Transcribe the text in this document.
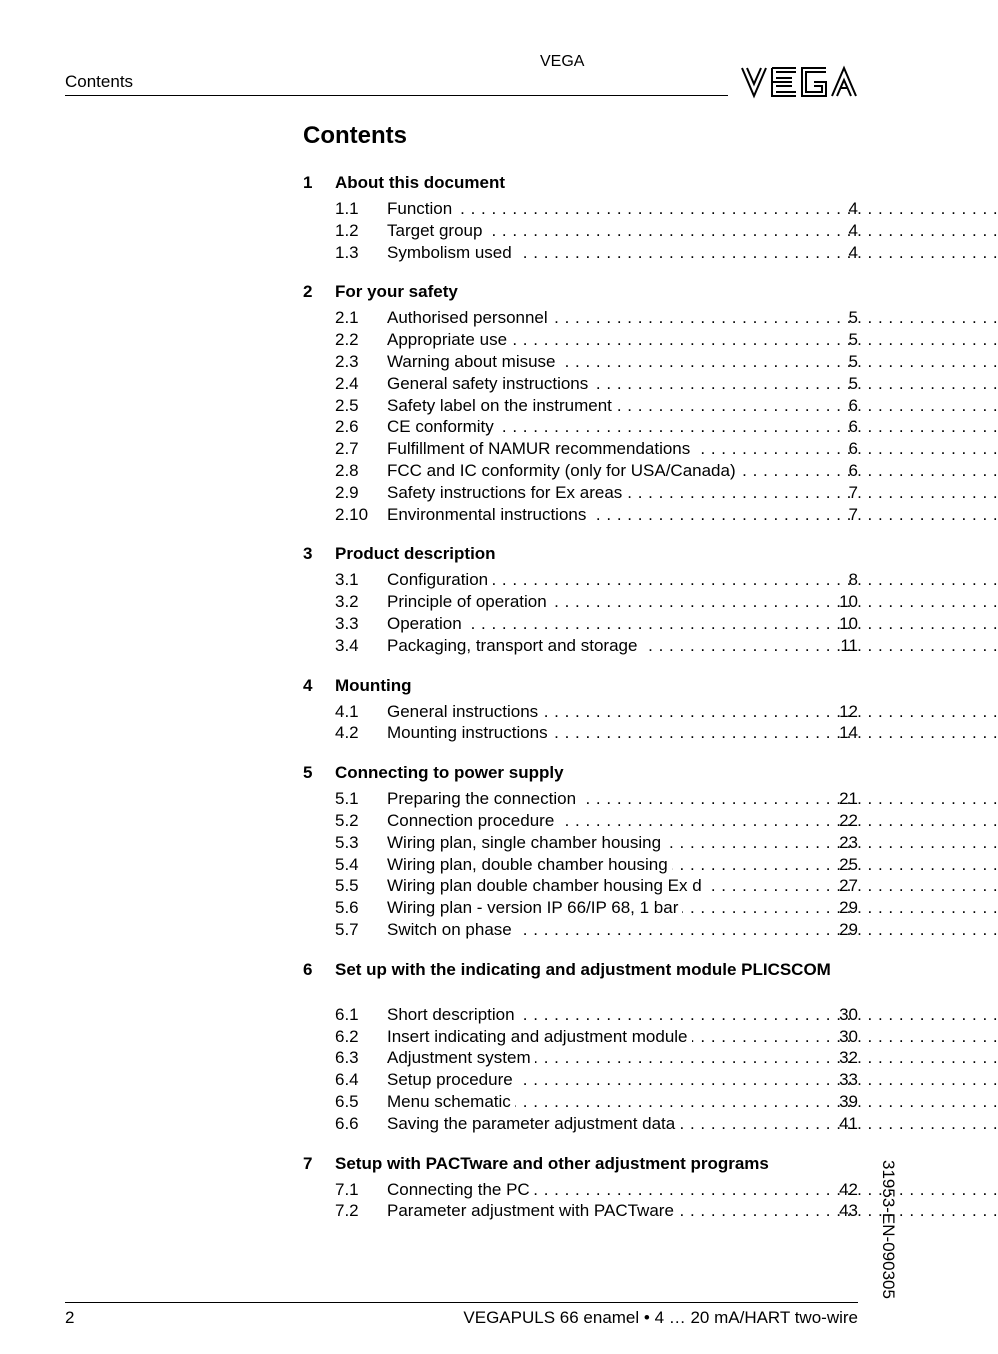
Contents
VEGA
Contents
1	About this document
1.1	Function . . .	4
1.2	Target group . . .	4
1.3	Symbolism used . . .	4
2	For your safety
2.1	Authorised personnel . . .	5
2.2	Appropriate use . . .	5
2.3	Warning about misuse . . .	5
2.4	General safety instructions . . .	5
2.5	Safety label on the instrument . . .	6
2.6	CE conformity . . .	6
2.7	Fulfillment of NAMUR recommendations . . .	6
2.8	FCC and IC conformity (only for USA/Canada) . . .	6
2.9	Safety instructions for Ex areas . . .	7
2.10	Environmental instructions . . .	7
3	Product description
3.1	Configuration . . .	8
3.2	Principle of operation . . .	10
3.3	Operation . . .	10
3.4	Packaging, transport and storage . . .	11
4	Mounting
4.1	General instructions . . .	12
4.2	Mounting instructions . . .	14
5	Connecting to power supply
5.1	Preparing the connection . . .	21
5.2	Connection procedure . . .	22
5.3	Wiring plan, single chamber housing . . .	23
5.4	Wiring plan, double chamber housing . . .	25
5.5	Wiring plan double chamber housing Ex d . . .	27
5.6	Wiring plan - version IP 66/IP 68, 1 bar . . .	29
5.7	Switch on phase . . .	29
6	Set up with the indicating and adjustment module PLICSCOM
6.1	Short description . . .	30
6.2	Insert indicating and adjustment module . . .	30
6.3	Adjustment system . . .	32
6.4	Setup procedure . . .	33
6.5	Menu schematic . . .	39
6.6	Saving the parameter adjustment data . . .	41
7	Setup with PACTware and other adjustment programs
7.1	Connecting the PC . . .	42
7.2	Parameter adjustment with PACTware . . .	43 31953-EN-090305
2	VEGAPULS 66 enamel • 4 … 20 mA/HART two-wire
